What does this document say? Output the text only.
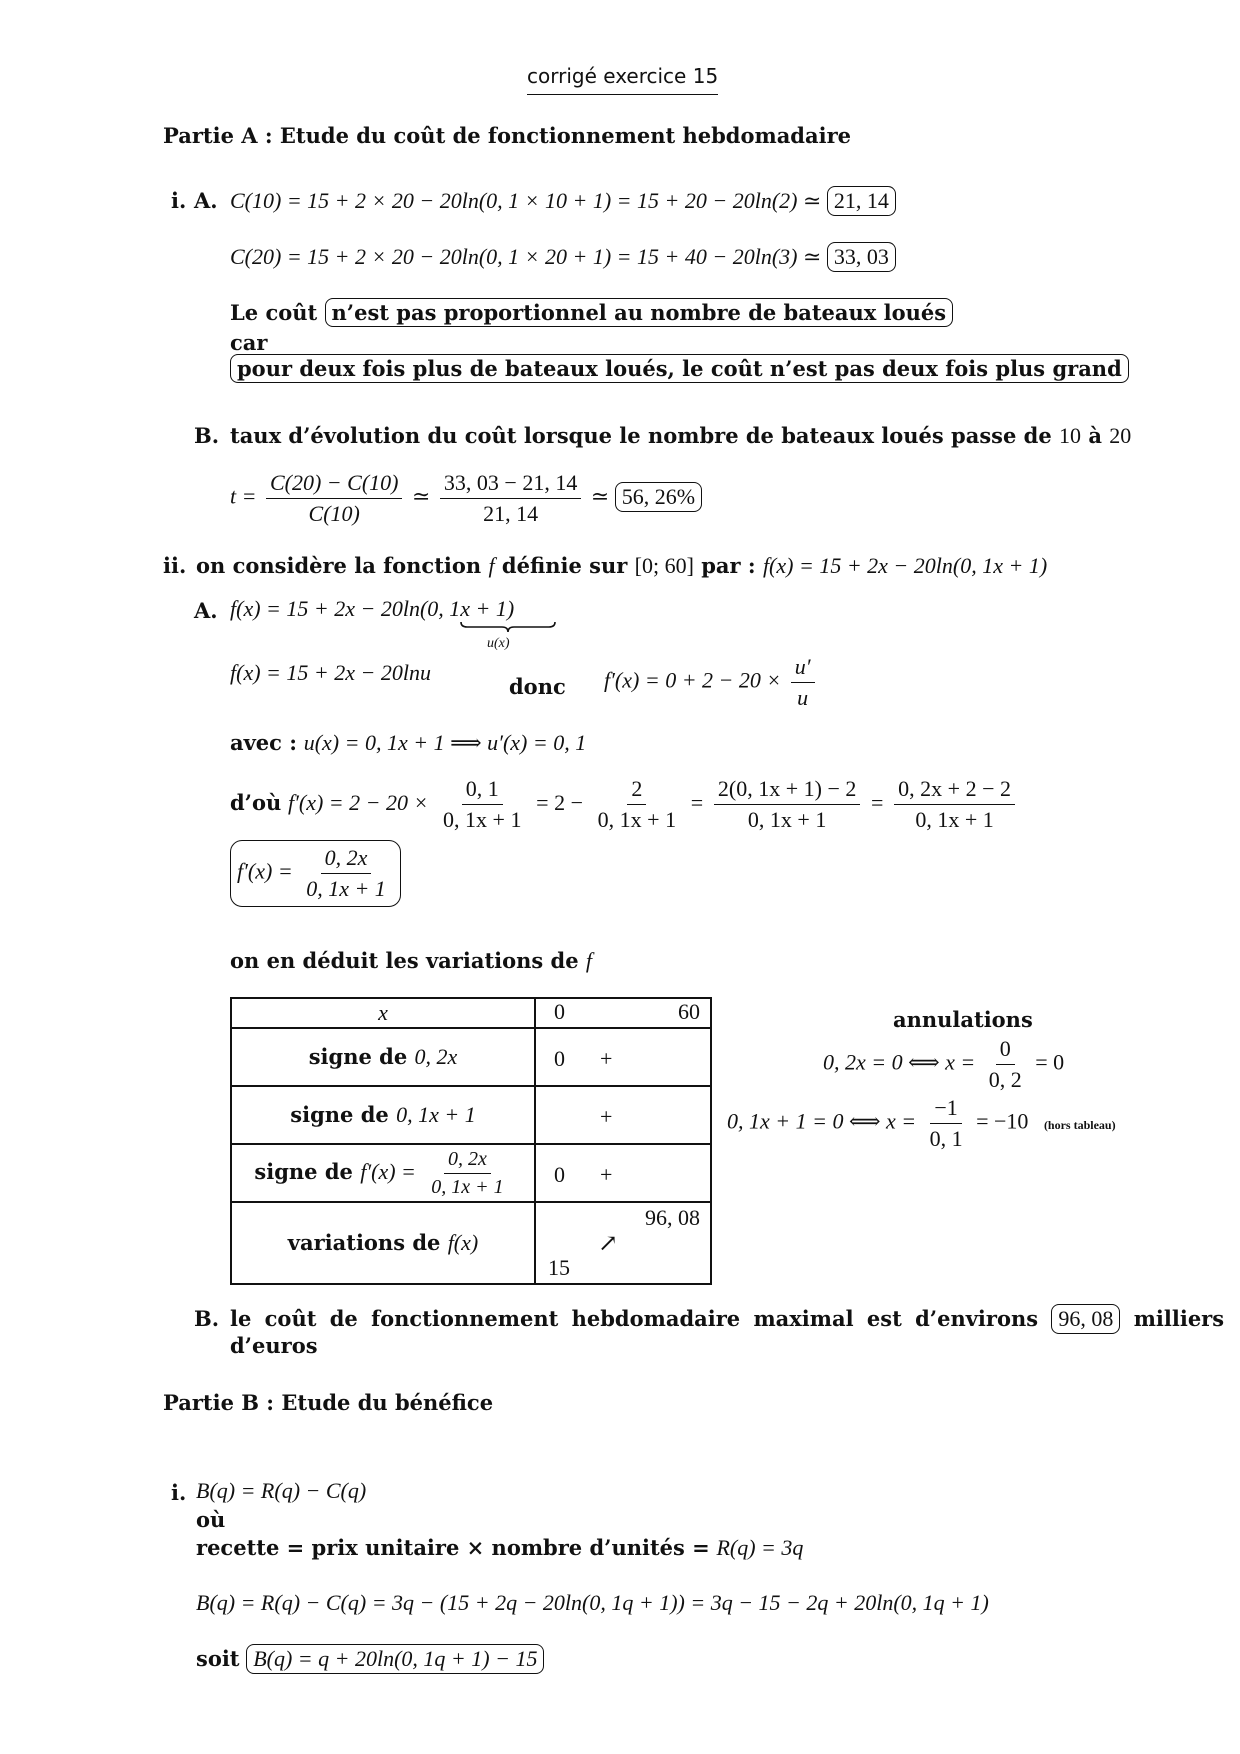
corrigé exercice 15
Partie A : Etude du coût de fonctionnement hebdomadaire
i. A. C(10) = 15 + 2 × 20 − 20ln(0, 1 × 10 + 1) = 15 + 20 − 20ln(2) ≃ 21, 14
C(20) = 15 + 2 × 20 − 20ln(0, 1 × 20 + 1) = 15 + 40 − 20ln(3) ≃ 33, 03
Le coût n’est pas proportionnel au nombre de bateaux loués
car
pour deux fois plus de bateaux loués, le coût n’est pas deux fois plus grand
B. taux d’évolution du coût lorsque le nombre de bateaux loués passe de 10 à 20
$t = \frac{C(20) - C(10)}{C(10)}$ ≃ $\frac{33, 03 - 21, 14}{21, 14}$ ≃ 56, 26%
ii. on considère la fonction f définie sur [0; 60] par : f(x) = 15 + 2x − 20ln(0, 1x + 1)
A. f(x) = 15 + 2x − 20ln(0, 1x + 1)
u(x)
f(x) = 15 + 2x − 20lnu
donc $f'(x) = 0 + 2 - 20 \times \frac{u'}{u}$
avec : u(x) = 0, 1x + 1 ⟹ u′(x) = 0, 1
d’où $f'(x) = 2 - 20 \times \frac{0, 1}{0, 1x + 1} = 2 - \frac{2}{0, 1x + 1} = \frac{2(0, 1x + 1) - 2}{0, 1x + 1} = \frac{0, 2x + 2 - 2}{0, 1x + 1}$
$f'(x) = \frac{0, 2x}{0, 1x + 1}$
on en déduit les variations de f
x	0 60

signe de 0, 2x	0 +

signe de 0, 1x + 1	+

signe de $f'(x) = \frac{0, 2x}{0, 1x + 1}$	0 +

variations de f(x)	96, 08
↗
15
annulations
0, 2x = 0 ⟺ $x = \frac{0}{0, 2} = 0$
0, 1x + 1 = 0 ⟺ $x = \frac{-1}{0, 1} = -10$ (hors tableau)
B. le coût de fonctionnement hebdomadaire maximal est d’environs 96, 08 milliers
d’euros
Partie B : Etude du bénéfice
i. B(q) = R(q) − C(q)
où
recette = prix unitaire × nombre d’unités = R(q) = 3q
B(q) = R(q) − C(q) = 3q − (15 + 2q − 20ln(0, 1q + 1)) = 3q − 15 − 2q + 20ln(0, 1q + 1)
soit B(q) = q + 20ln(0, 1q + 1) − 15
